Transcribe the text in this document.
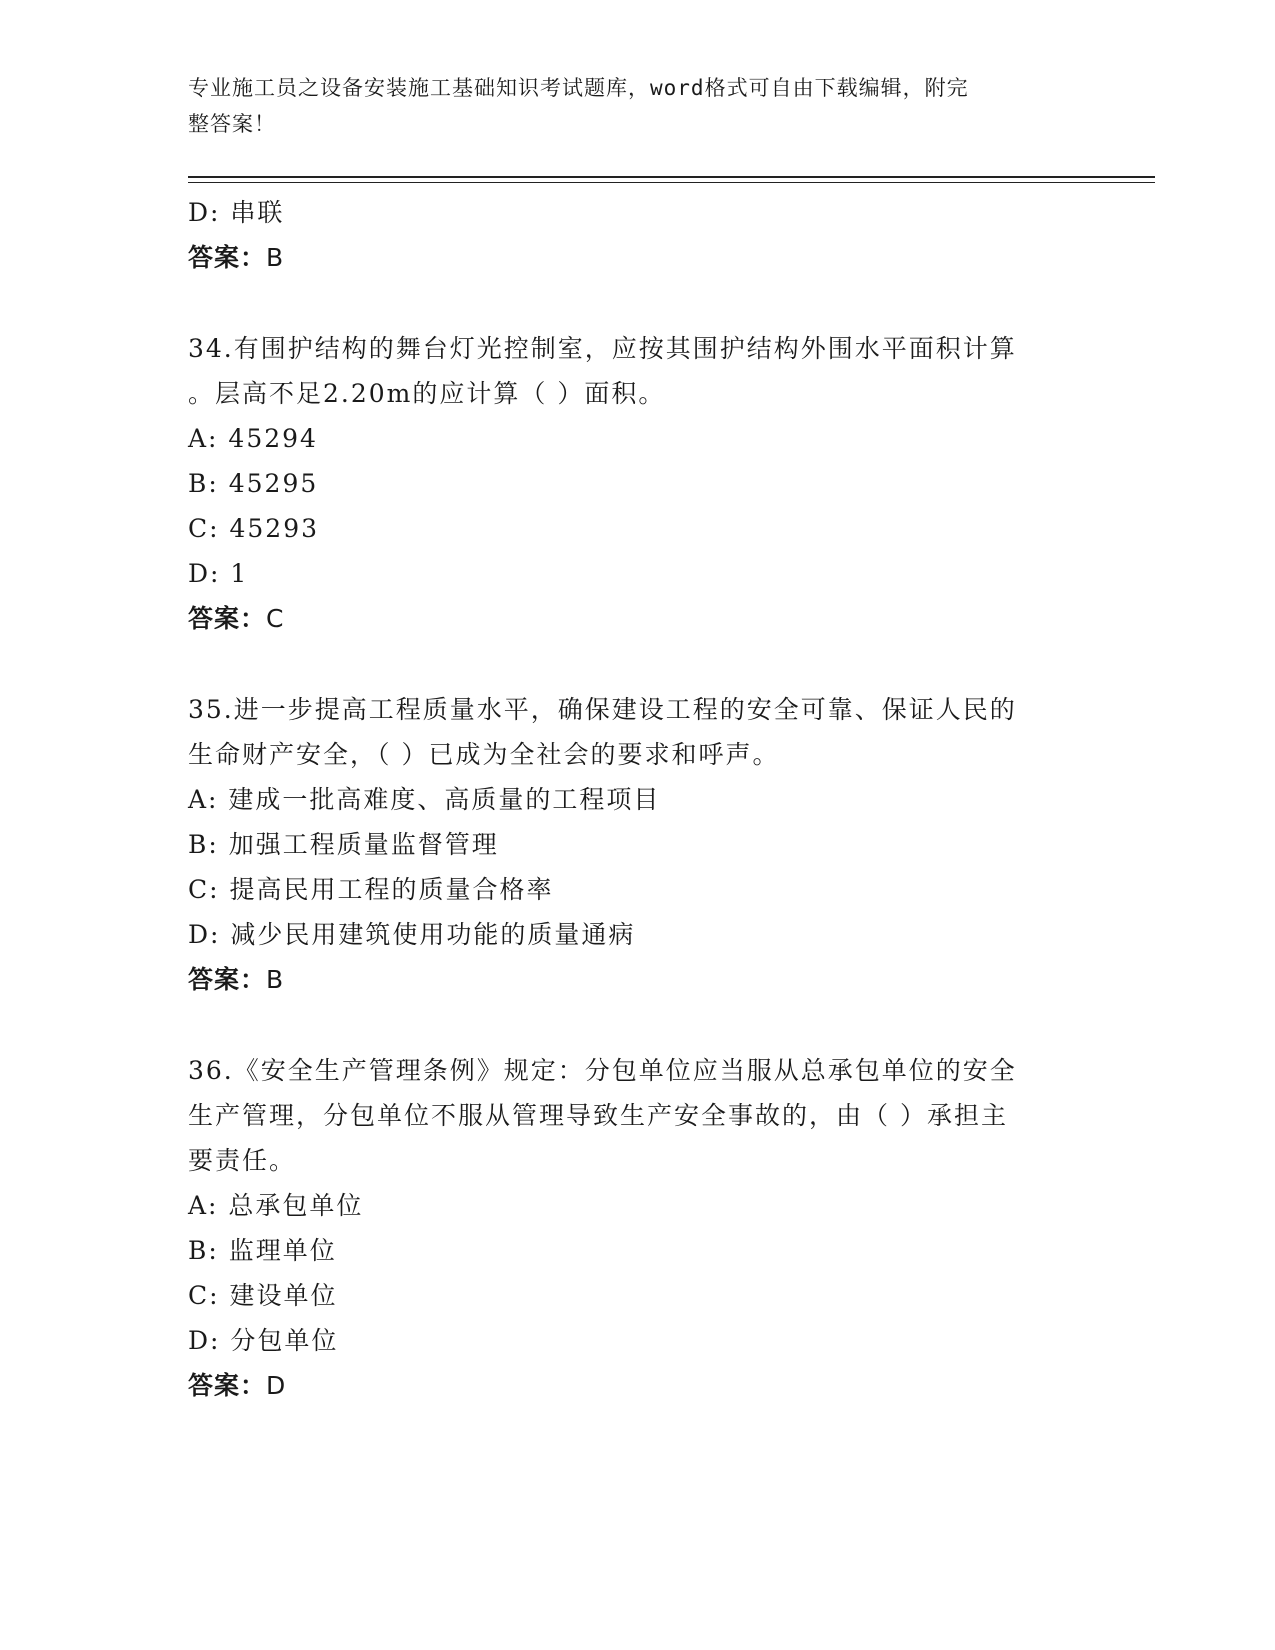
专业施工员之设备安装施工基础知识考试题库，word格式可自由下载编辑，附完
整答案！
D: 串联
答案：B
34.有围护结构的舞台灯光控制室，应按其围护结构外围水平面积计算
。层高不足2.20m的应计算（ ）面积。
A: 45294
B: 45295
C: 45293
D: 1
答案：C
35.进一步提高工程质量水平，确保建设工程的安全可靠、保证人民的
生命财产安全，（ ）已成为全社会的要求和呼声。
A: 建成一批高难度、高质量的工程项目
B: 加强工程质量监督管理
C: 提高民用工程的质量合格率
D: 减少民用建筑使用功能的质量通病
答案：B
36.《安全生产管理条例》规定：分包单位应当服从总承包单位的安全
生产管理，分包单位不服从管理导致生产安全事故的，由（ ）承担主
要责任。
A: 总承包单位
B: 监理单位
C: 建设单位
D: 分包单位
答案：D
